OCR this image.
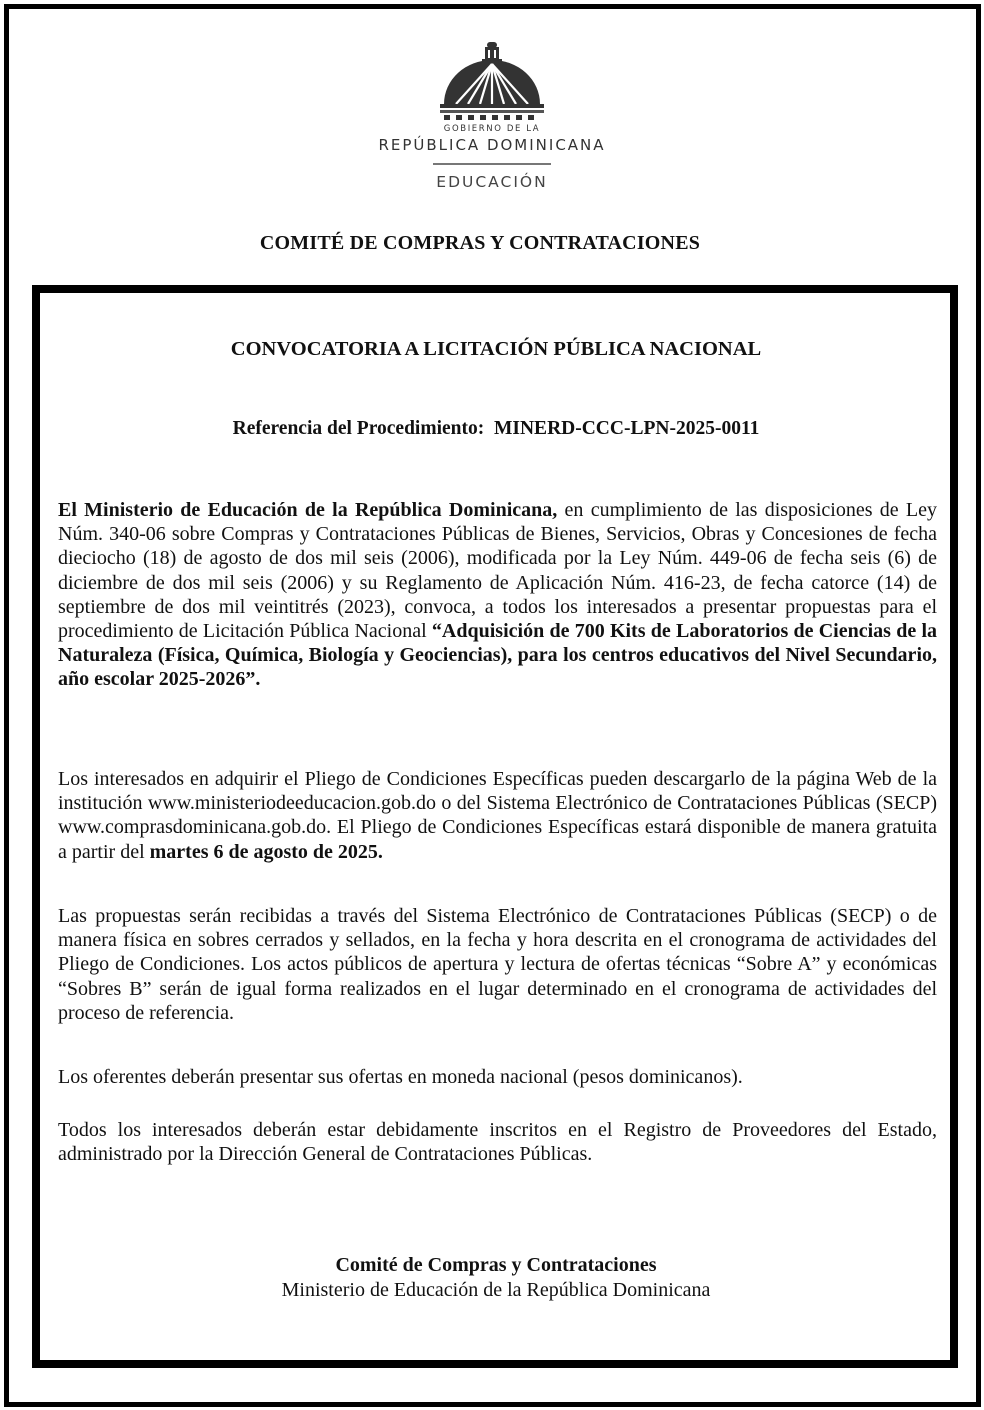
GOBIERNO DE LA
REPÚBLICA DOMINICANA
EDUCACIÓN
COMITÉ DE COMPRAS Y CONTRATACIONES
CONVOCATORIA A LICITACIÓN PÚBLICA NACIONAL
Referencia del Procedimiento: MINERD-CCC-LPN-2025-0011

El Ministerio de Educación de la República Dominicana, en cumplimiento de las disposiciones de Ley Núm. 340-06 sobre Compras y Contrataciones Públicas de Bienes, Servicios, Obras y Concesiones de fecha dieciocho (18) de agosto de dos mil seis (2006), modificada por la Ley Núm. 449-06 de fecha seis (6) de diciembre de dos mil seis (2006) y su Reglamento de Aplicación Núm. 416-23, de fecha catorce (14) de septiembre de dos mil veintitrés (2023), convoca, a todos los interesados a presentar propuestas para el procedimiento de Licitación Pública Nacional “Adquisición de 700 Kits de Laboratorios de Ciencias de la Naturaleza (Física, Química, Biología y Geociencias), para los centros educativos del Nivel Secundario, año escolar 2025-2026”.

Los interesados en adquirir el Pliego de Condiciones Específicas pueden descargarlo de la página Web de la institución www.ministeriodeeducacion.gob.do o del Sistema Electrónico de Contrataciones Públicas (SECP) www.comprasdominicana.gob.do. El Pliego de Condiciones Específicas estará disponible de manera gratuita a partir del martes 6 de agosto de 2025.

Las propuestas serán recibidas a través del Sistema Electrónico de Contrataciones Públicas (SECP) o de manera física en sobres cerrados y sellados, en la fecha y hora descrita en el cronograma de actividades del Pliego de Condiciones. Los actos públicos de apertura y lectura de ofertas técnicas “Sobre A” y económicas “Sobres B” serán de igual forma realizados en el lugar determinado en el cronograma de actividades del proceso de referencia.

Los oferentes deberán presentar sus ofertas en moneda nacional (pesos dominicanos).

Todos los interesados deberán estar debidamente inscritos en el Registro de Proveedores del Estado, administrado por la Dirección General de Contrataciones Públicas.

Comité de Compras y Contrataciones
Ministerio de Educación de la República Dominicana
